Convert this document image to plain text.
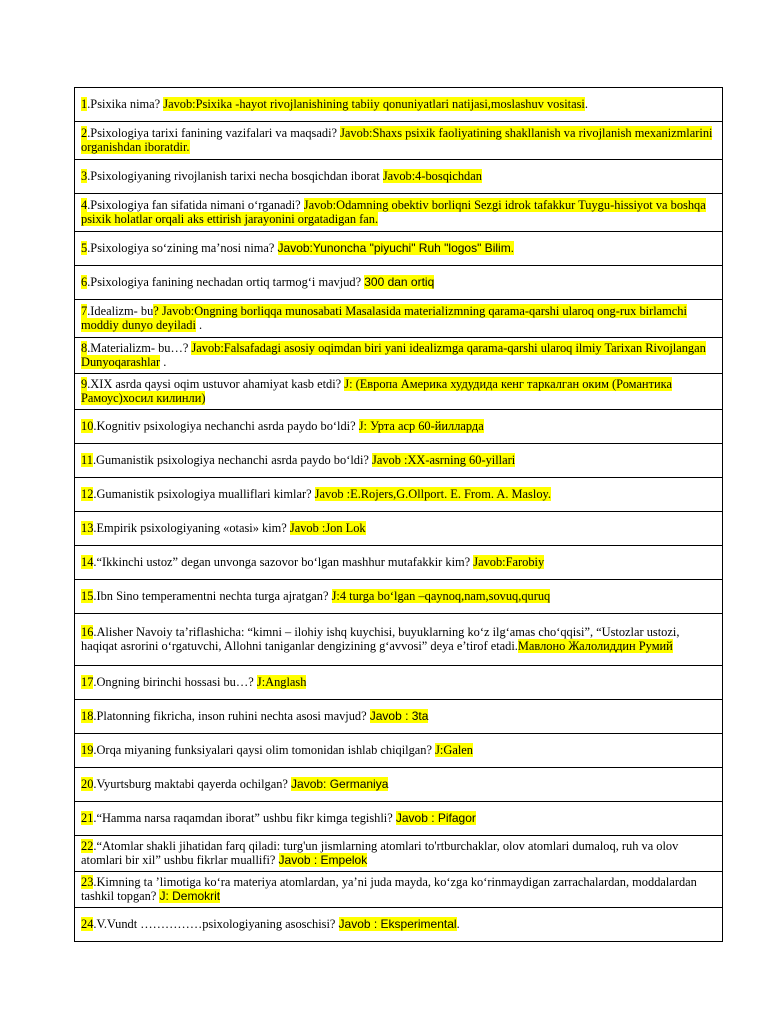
1.Psixika nima? Javob:Psixika -hayot rivojlanishining tabiiy qonuniyatlari natijasi,moslashuv vositasi.
2.Psixologiya tarixi fanining vazifalari va maqsadi? Javob:Shaxs psixik faoliyatining shakllanish va rivojlanish mexanizmlarini organishdan iboratdir.
3.Psixologiyaning rivojlanish tarixi necha bosqichdan iborat Javob:4-bosqichdan
4.Psixologiya fan sifatida nimani o‘rganadi? Javob:Odamning obektiv borliqni Sezgi idrok tafakkur Tuygu-hissiyot va boshqa psixik holatlar orqali aks ettirish jarayonini orgatadigan fan.
5.Psixologiya so‘zining ma’nosi nima? Javob:Yunoncha "piyuchi" Ruh "logos" Bilim.
6.Psixologiya fanining nechadan ortiq tarmog‘i mavjud? 300 dan ortiq
7.Idealizm- bu? Javob:Ongning borliqqa munosabati Masalasida materializmning qarama-qarshi ularoq ong-rux birlamchi moddiy dunyo deyiladi .
8.Materializm- bu…? Javob:Falsafadagi asosiy oqimdan biri yani idealizmga qarama-qarshi ularoq ilmiy Tarixan Rivojlangan Dunyoqarashlar .
9.XIX asrda qaysi oqim ustuvor ahamiyat kasb etdi? J: (Европа Америка худудида кенг таркалган оким (Романтика Рамоус)хосил килинли)
10.Kognitiv psixologiya nechanchi asrda paydo bo‘ldi? J: Урта аср 60-йилларда
11.Gumanistik psixologiya nechanchi asrda paydo bo‘ldi? Javob :XX-asrning 60-yillari
12.Gumanistik psixologiya mualliflari kimlar? Javob :E.Rojers,G.Ollport. E. From. A. Masloy.
13.Empirik psixologiyaning «otasi» kim? Javob :Jon Lok
14.“Ikkinchi ustoz” degan unvonga sazovor bo‘lgan mashhur mutafakkir kim? Javob:Farobiy
15.Ibn Sino temperamentni nechta turga ajratgan? J:4 turga bo‘lgan –qaynoq,nam,sovuq,quruq
16.Alisher Navoiy ta’riflashicha: “kimni – ilohiy ishq kuychisi, buyuklarning ko‘z ilg‘amas cho‘qqisi”, “Ustozlar ustozi, haqiqat asrorini o‘rgatuvchi, Allohni taniganlar dengizining g‘avvosi” deya e’tirof etadi.Мавлоно Жалолиддин Румий
17.Ongning birinchi hossasi bu…? J:Anglash
18.Platonning fikricha, inson ruhini nechta asosi mavjud? Javob : 3ta
19.Orqa miyaning funksiyalari qaysi olim tomonidan ishlab chiqilgan? J:Galen
20.Vyurtsburg maktabi qayerda ochilgan? Javob: Germaniya
21.“Hamma narsa raqamdan iborat” ushbu fikr kimga tegishli? Javob : Pifagor
22.“Atomlar shakli jihatidan farq qiladi: turg'un jismlarning atomlari to'rtburchaklar, olov atomlari dumaloq, ruh va olov atomlari bir xil” ushbu fikrlar muallifi? Javob : Empelok
23.Kimning ta ’limotiga ko‘ra materiya atomlardan, ya’ni juda mayda, ko‘zga ko‘rinmaydigan zarrachalardan, moddalardan tashkil topgan? J: Demokrit
24.V.Vundt ……………psixologiyaning asoschisi? Javob : Eksperimental.
